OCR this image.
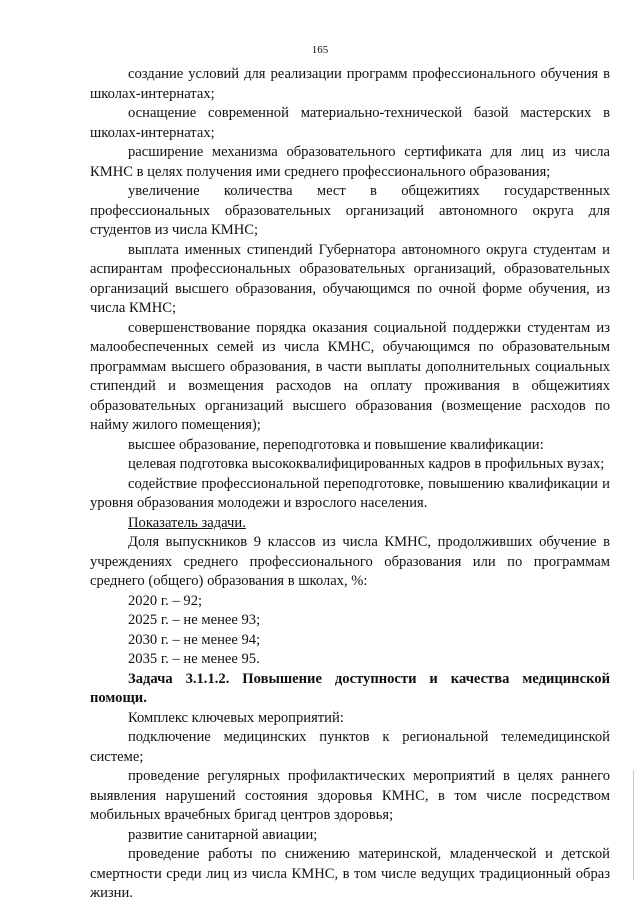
165

создание условий для реализации программ профессионального обучения в школах-интернатах;

оснащение современной материально-технической базой мастерских в школах-интернатах;

расширение механизма образовательного сертификата для лиц из числа КМНС в целях получения ими среднего профессионального образования;

увеличение количества мест в общежитиях государственных профессиональных образовательных организаций автономного округа для студентов из числа КМНС;

выплата именных стипендий Губернатора автономного округа студентам и аспирантам профессиональных образовательных организаций, образовательных организаций высшего образования, обучающимся по очной форме обучения, из числа КМНС;

совершенствование порядка оказания социальной поддержки студентам из малообеспеченных семей из числа КМНС, обучающимся по образовательным программам высшего образования, в части выплаты дополнительных социальных стипендий и возмещения расходов на оплату проживания в общежитиях образовательных организаций высшего образования (возмещение расходов по найму жилого помещения);

высшее образование, переподготовка и повышение квалификации:

целевая подготовка высококвалифицированных кадров в профильных вузах;

содействие профессиональной переподготовке, повышению квалификации и уровня образования молодежи и взрослого населения.

Показатель задачи.

Доля выпускников 9 классов из числа КМНС, продолживших обучение в учреждениях среднего профессионального образования или по программам среднего (общего) образования в школах, %:

2020 г. – 92;

2025 г. – не менее 93;

2030 г. – не менее 94;

2035 г. – не менее 95.

Задача 3.1.1.2. Повышение доступности и качества медицинской помощи.

Комплекс ключевых мероприятий:

подключение медицинских пунктов к региональной телемедицинской системе;

проведение регулярных профилактических мероприятий в целях раннего выявления нарушений состояния здоровья КМНС, в том числе посредством мобильных врачебных бригад центров здоровья;

развитие санитарной авиации;

проведение работы по снижению материнской, младенческой и детской смертности среди лиц из числа КМНС, в том числе ведущих традиционный образ жизни.
